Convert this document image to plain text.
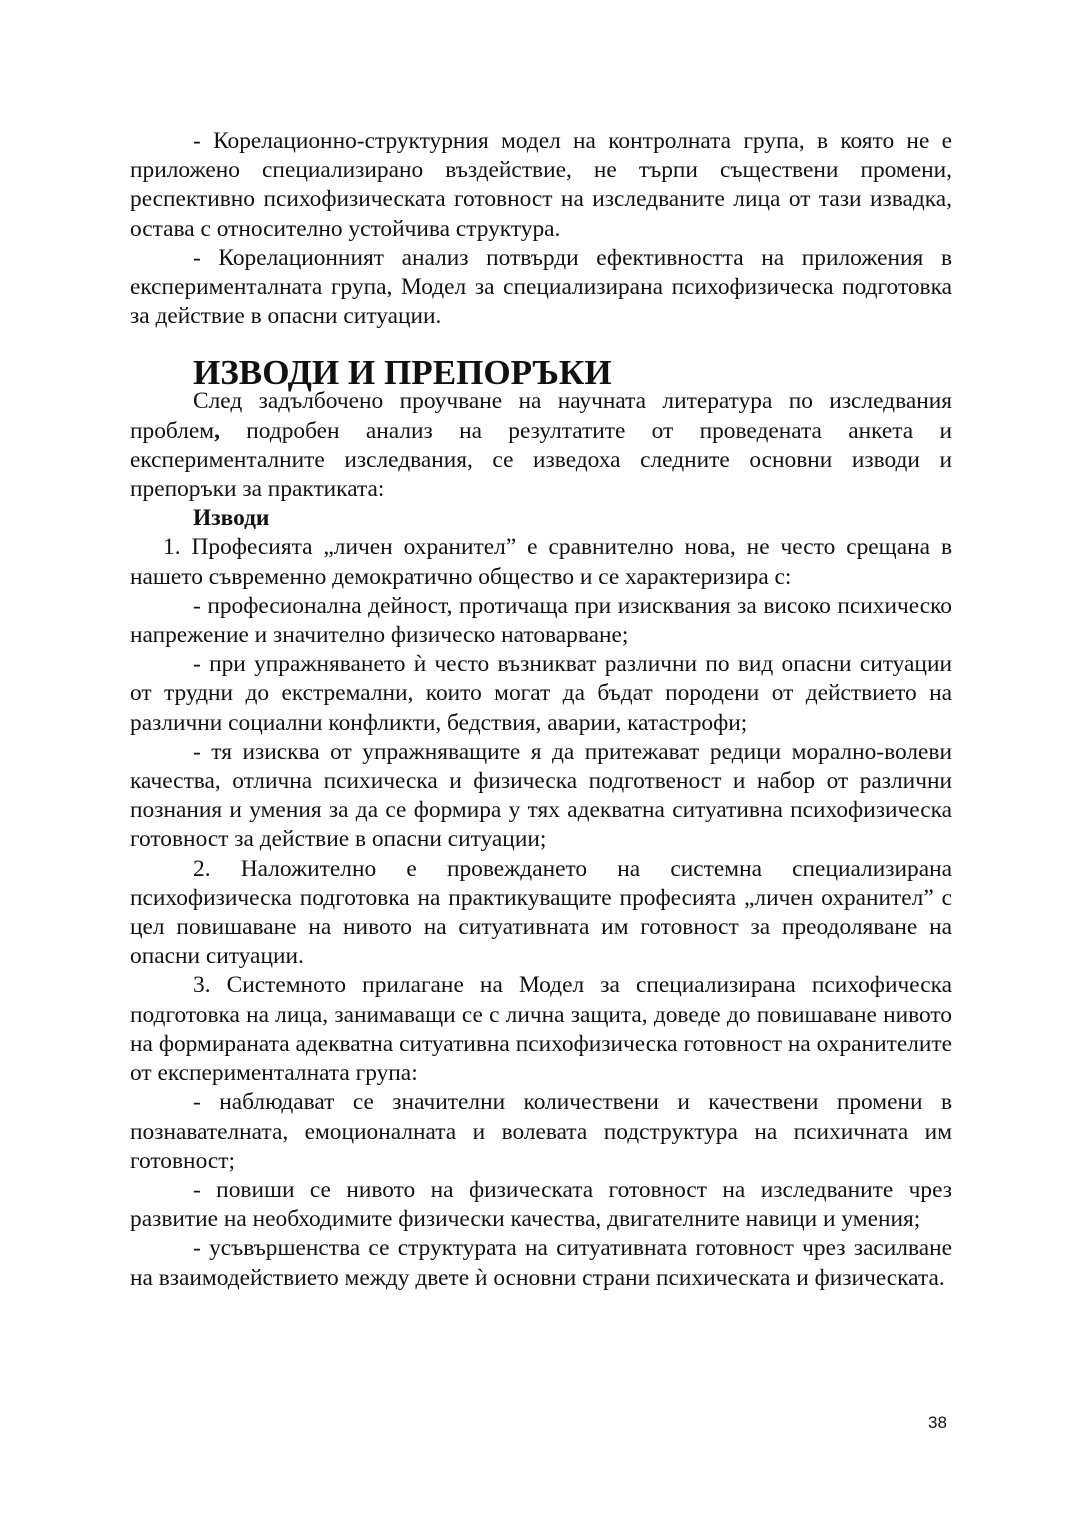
- Корелационно-структурния модел на контролната група, в която не е приложено специализирано въздействие, не търпи съществени промени, респективно психофизическата готовност на изследваните лица от тази извадка, остава с относително устойчива структура.

- Корелационният анализ потвърди ефективността на приложения в експерименталната група, Модел за специализирана психофизическа подготовка за действие в опасни ситуации.

ИЗВОДИ И ПРЕПОРЪКИ

След задълбочено проучване на научната литература по изследвания проблем, подробен анализ на резултатите от проведената анкета и експерименталните изследвания, се изведоха следните основни изводи и препоръки за практиката:

Изводи

1. Професията „личен охранител” е сравнително нова, не често срещана в нашето съвременно демократично общество и се характеризира с:

- професионална дейност, протичаща при изисквания за високо психическо напрежение и значително физическо натоварване;

- при упражняването ѝ често възникват различни по вид опасни ситуации от трудни до екстремални, които могат да бъдат породени от действието на различни социални конфликти, бедствия, аварии, катастрофи;

- тя изисква от упражняващите я да притежават редици морално-волеви качества, отлична психическа и физическа подготвеност и набор от различни познания и умения за да се формира у тях адекватна ситуативна психофизическа готовност за действие в опасни ситуации;

2. Наложително е провеждането на системна специализирана психофизическа подготовка на практикуващите професията „личен охранител” с цел повишаване на нивото на ситуативната им готовност за преодоляване на опасни ситуации.

3. Системното прилагане на Модел за специализирана психофическа подготовка на лица, занимаващи се с лична защита, доведе до повишаване нивото на формираната адекватна ситуативна психофизическа готовност на охранителите от експерименталната група:

- наблюдават се значителни количествени и качествени промени в познавателната, емоционалната и волевата подструктура на психичната им готовност;

- повиши се нивото на физическата готовност на изследваните чрез развитие на необходимите физически качества, двигателните навици и умения;

- усъвършенства се структурата на ситуативната готовност чрез засилване на взаимодействието между двете ѝ основни страни психическата и физическата.

38
